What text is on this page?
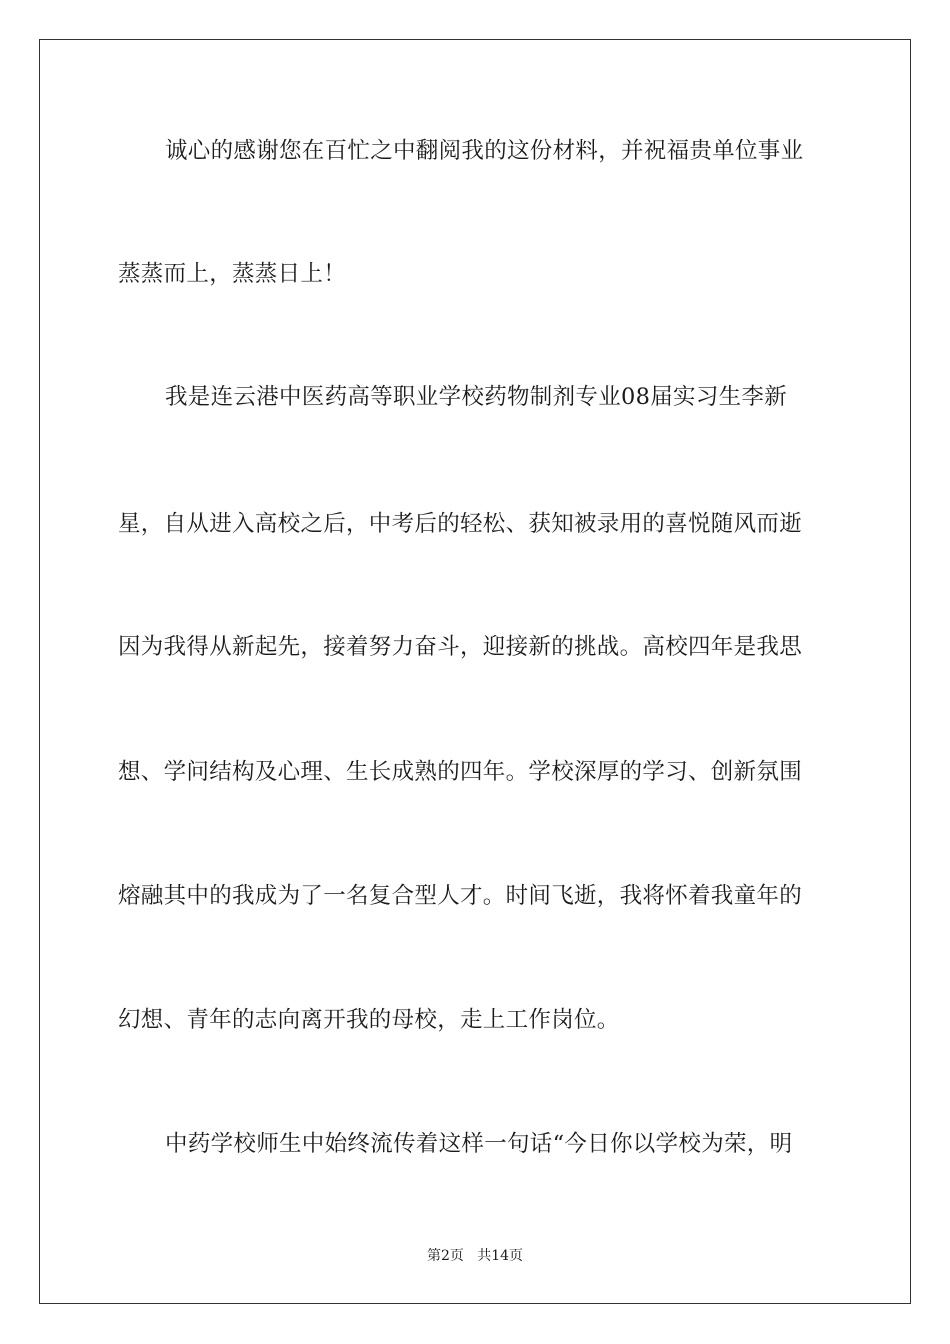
诚心的感谢您在百忙之中翻阅我的这份材料，并祝福贵单位事业
蒸蒸而上，蒸蒸日上！
我是连云港中医药高等职业学校药物制剂专业08届实习生李新
星，自从进入高校之后，中考后的轻松、获知被录用的喜悦随风而逝
因为我得从新起先，接着努力奋斗，迎接新的挑战。高校四年是我思
想、学问结构及心理、生长成熟的四年。学校深厚的学习、创新氛围
熔融其中的我成为了一名复合型人才。时间飞逝，我将怀着我童年的
幻想、青年的志向离开我的母校，走上工作岗位。
中药学校师生中始终流传着这样一句话“今日你以学校为荣，明
第2页   共14页
